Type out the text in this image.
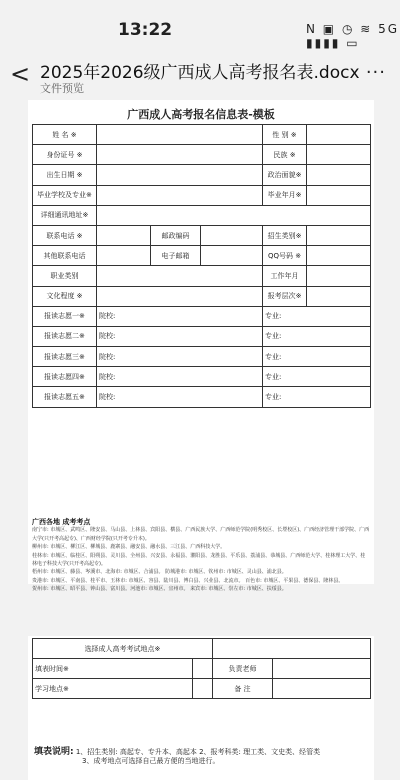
13:22	N ▣ ◷ ≋ 5G ▮▮▮▮ ▭
< 2025年2026级广西成人高考报名表.docx
文件预览
···
广西成人高考报名信息表-模板
姓 名 ※				性 别 ※	
身份证号 ※				民族 ※	
出生日期 ※				政治面貌※	
毕业学校及专业※				毕业年月※	
详细通讯地址※					
联系电话 ※		邮政编码		招生类别※	
其他联系电话		电子邮箱		QQ号码 ※	
职业类别				工作年月	
文化程度 ※				报考层次※	
报读志愿一※	院校:			专业:	
报读志愿二※	院校:			专业:	
报读志愿三※	院校:			专业:	
报读志愿四※	院校:			专业:	
报读志愿五※	院校:			专业:	
广西各地 成考考点
南宁市: 市城区、武鸣区、隆安县、马山县、上林县、宾阳县、横县、广西民族大学、广西师范学院(明秀校区、长堽校区)、广西经济管理干部学院、广西大学(只开考高起专)、广西财经学院(只开考专升本)。
柳州市: 市城区、柳江区、柳城县、鹿寨县、融安县、融水县、三江县、广西科技大学。
桂林市: 市城区、临桂区、阳朔县、灵川县、全州县、兴安县、永福县、灌阳县、龙胜县、平乐县、荔浦县、恭城县、广西师范大学、桂林理工大学、桂林电子科技大学(只开考高起专)。
梧州市: 市城区、藤县、岑溪市、北海市: 市城区、合浦县。 防城港市: 市城区、钦州市: 市城区、灵山县、浦北县。
贵港市: 市城区、平南县、桂平市、玉林市: 市城区、容县、陆川县、博白县、兴业县、北流市。 百色市: 市城区、平果县、德保县、隆林县。
贺州市: 市城区、昭平县、钟山县、富川县。河池市: 市城区、宜州市。 来宾市: 市城区、崇左市: 市城区、扶绥县。
选择成人高考考试地点※			
填表时间※		负责老师	
学习地点※		备 注	
填表说明: 1、招生类别: 高起专、专升本、高起本 2、报考科类: 理工类、文史类、经管类
3、成考地点可选择自己最方便的当地进行。
